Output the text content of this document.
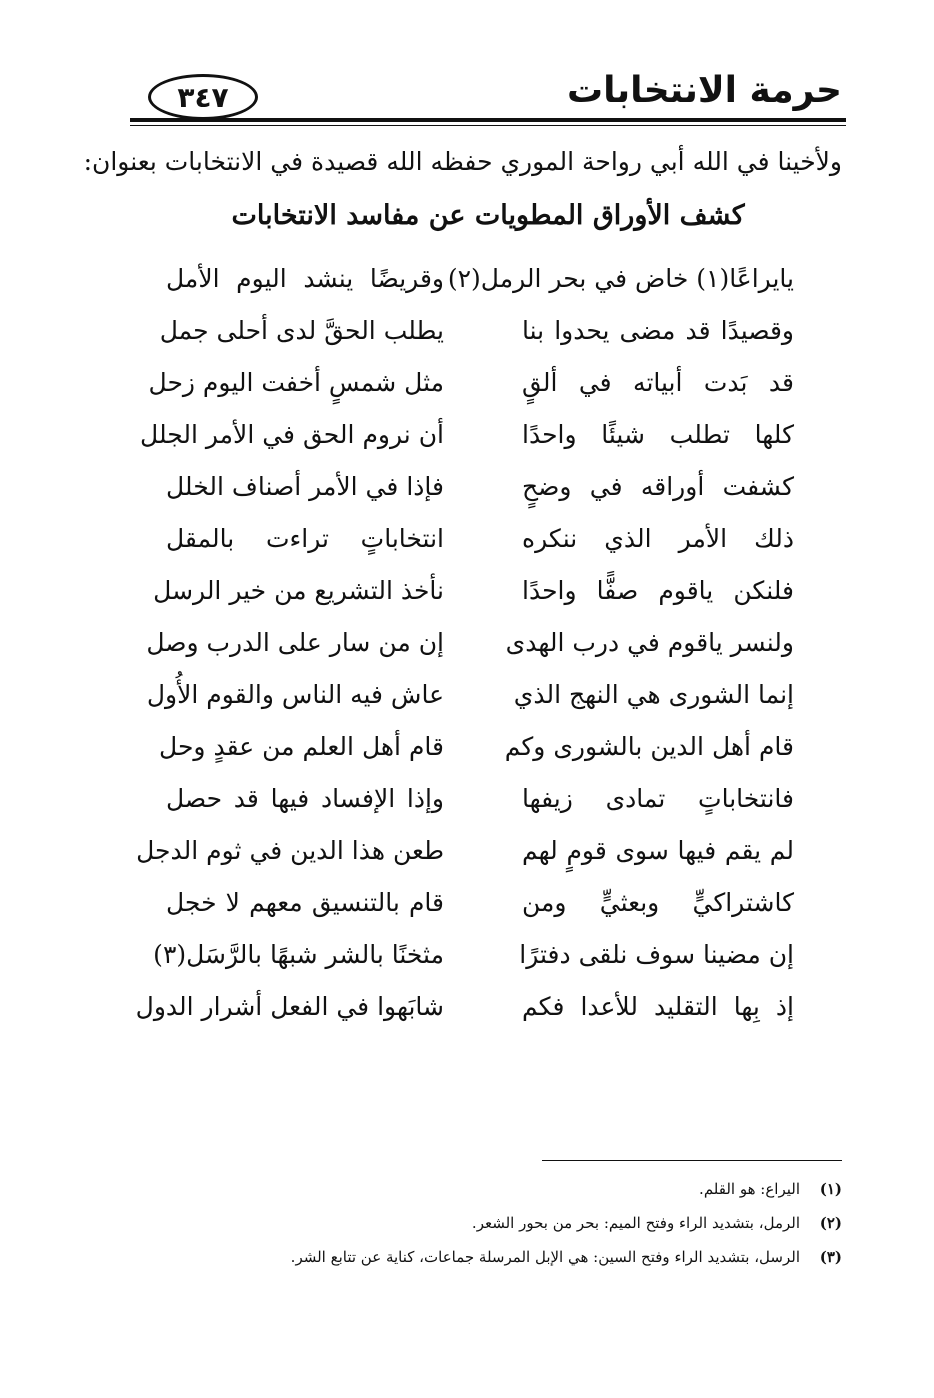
حرمة الانتخابات
٣٤٧
ولأخينا في الله أبي رواحة الموري حفظه الله قصيدة في الانتخابات بعنوان:
كشف الأوراق المطويات عن مفاسد الانتخابات
يايراعًا(١) خاض في بحر الرمل(٢)
وقريضًا ينشد اليوم الأمل
وقصيدًا قد مضى يحدوا بنا
يطلب الحقَّ لدى أحلى جمل
قد بَدت أبياته في ألقٍ
مثل شمسٍ أخفت اليوم زحل
كلها تطلب شيئًا واحدًا
أن نروم الحق في الأمر الجلل
كشفت أوراقه في وضحٍ
فإذا في الأمر أصناف الخلل
ذلك الأمر الذي ننكره
انتخاباتٍ تراءت بالمقل
فلنكن ياقوم صفًّا واحدًا
نأخذ التشريع من خير الرسل
ولنسر ياقوم في درب الهدى
إن من سار على الدرب وصل
إنما الشورى هي النهج الذي
عاش فيه الناس والقوم الأُول
قام أهل الدين بالشورى وكم
قام أهل العلم من عقدٍ وحل
فانتخاباتٍ تمادى زيفها
وإذا الإفساد فيها قد حصل
لم يقم فيها سوى قومٍ لهم
طعن هذا الدين في ثوم الدجل
كاشتراكيٍّ وبعثيٍّ ومن
قام بالتنسيق معهم لا خجل
إن مضينا سوف نلقى دفترًا
مثخنًا بالشر شبهًا بالرَّسَل(٣)
إذ بِها التقليد للأعدا فكم
شابَهوا في الفعل أشرار الدول
(١)اليراع: هو القلم.
(٢)الرمل، بتشديد الراء وفتح الميم: بحر من بحور الشعر.
(٣)الرسل، بتشديد الراء وفتح السين: هي الإبل المرسلة جماعات، كناية عن تتابع الشر.
